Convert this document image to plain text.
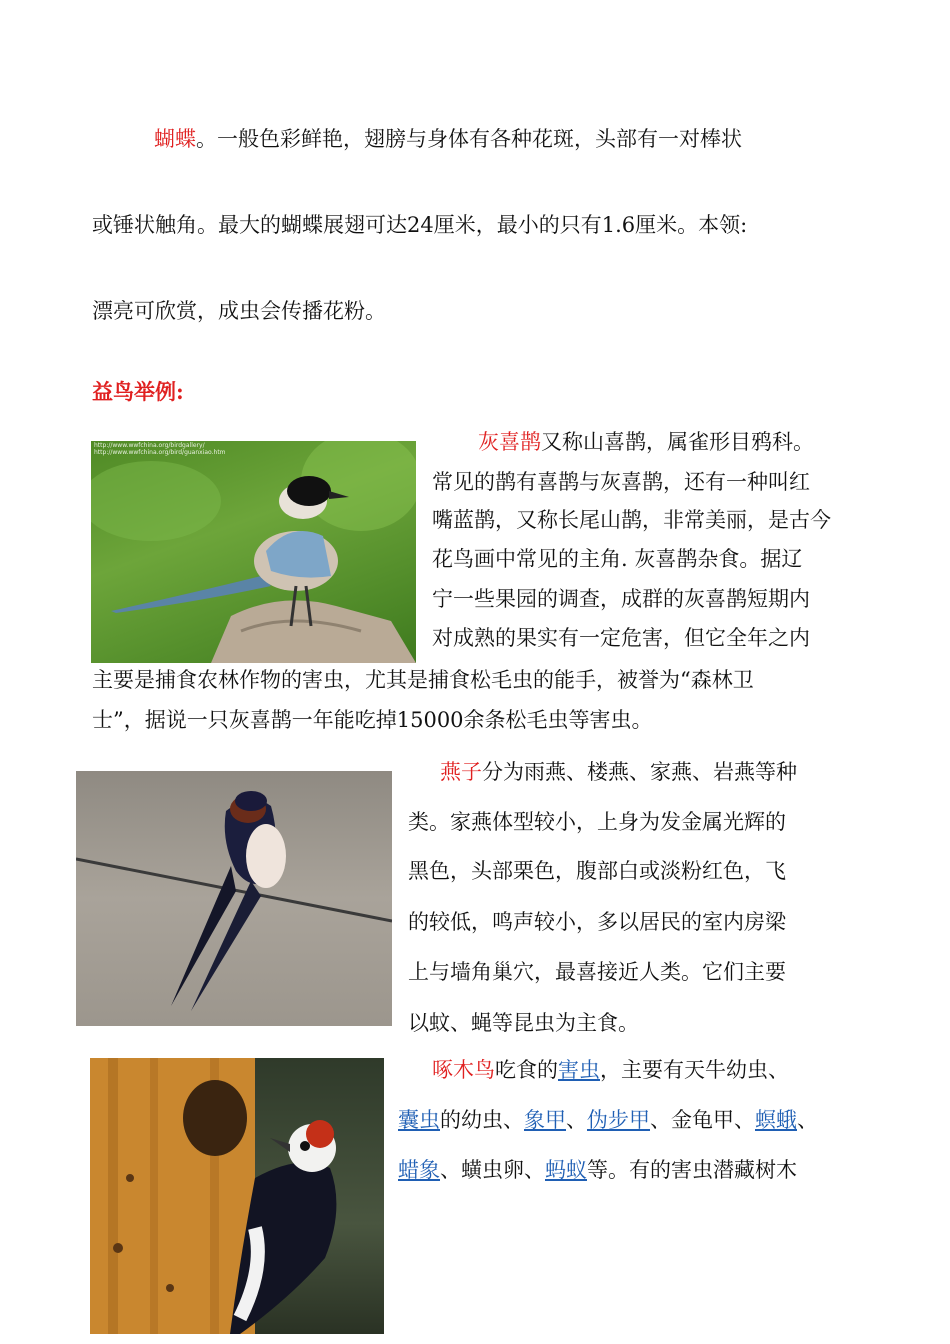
蝴蝶。一般色彩鲜艳，翅膀与身体有各种花斑，头部有一对棒状
或锤状触角。最大的蝴蝶展翅可达24厘米，最小的只有1.6厘米。本领:
漂亮可欣赏，成虫会传播花粉。
益鸟举例:
http://www.wwfchina.org/birdgallery/
http://www.wwfchina.org/bird/guanxiao.htm	灰喜鹊又称山喜鹊，属雀形目鸦科。
常见的鹊有喜鹊与灰喜鹊，还有一种叫红
嘴蓝鹊，又称长尾山鹊，非常美丽，是古今
花鸟画中常见的主角. 灰喜鹊杂食。据辽
宁一些果园的调查，成群的灰喜鹊短期内
对成熟的果实有一定危害，但它全年之内
主要是捕食农林作物的害虫，尤其是捕食松毛虫的能手，被誉为“森林卫
士”，据说一只灰喜鹊一年能吃掉15000余条松毛虫等害虫。
燕子分为雨燕、楼燕、家燕、岩燕等种
类。家燕体型较小，上身为发金属光辉的
黑色，头部栗色，腹部白或淡粉红色，飞
的较低，鸣声较小，多以居民的室内房梁
上与墙角巢穴，最喜接近人类。它们主要
以蚊、蝇等昆虫为主食。
啄木鸟吃食的害虫，主要有天牛幼虫、
囊虫的幼虫、象甲、伪步甲、金龟甲、螟蛾、
蜡象、蟥虫卵、蚂蚁等。有的害虫潜藏树木
